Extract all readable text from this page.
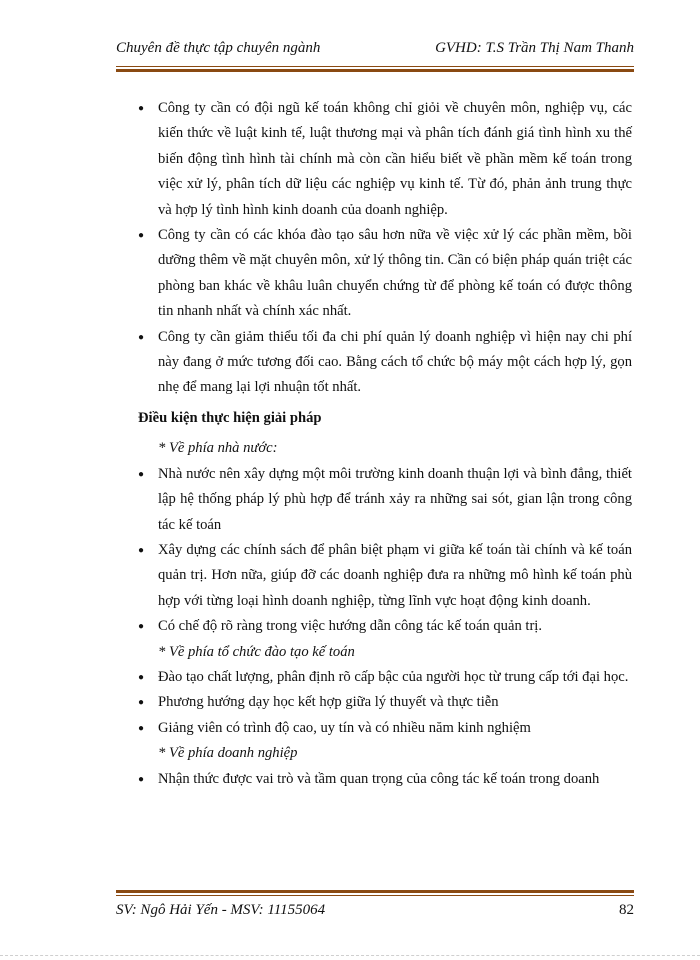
Chuyên đề thực tập chuyên ngành	GVHD: T.S Trần Thị Nam Thanh

● Công ty cần có đội ngũ kế toán không chỉ giỏi về chuyên môn, nghiệp vụ, các kiến thức về luật kinh tế, luật thương mại và phân tích đánh giá tình hình xu thế biến động tình hình tài chính mà còn cần hiểu biết về phần mềm kế toán trong việc xử lý, phân tích dữ liệu các nghiệp vụ kinh tế. Từ đó, phản ảnh trung thực và hợp lý tình hình kinh doanh của doanh nghiệp.

● Công ty cần có các khóa đào tạo sâu hơn nữa về việc xử lý các phần mềm, bồi dưỡng thêm về mặt chuyên môn, xử lý thông tin. Cần có biện pháp quán triệt các phòng ban khác về khâu luân chuyển chứng từ để phòng kế toán có được thông tin nhanh nhất và chính xác nhất.

● Công ty cần giảm thiểu tối đa chi phí quản lý doanh nghiệp vì hiện nay chi phí này đang ở mức tương đối cao. Bằng cách tổ chức bộ máy một cách hợp lý, gọn nhẹ để mang lại lợi nhuận tốt nhất.

Điều kiện thực hiện giải pháp

* Về phía nhà nước:

● Nhà nước nên xây dựng một môi trường kinh doanh thuận lợi và bình đẳng, thiết lập hệ thống pháp lý phù hợp để tránh xảy ra những sai sót, gian lận trong công tác kế toán

● Xây dựng các chính sách để phân biệt phạm vi giữa kế toán tài chính và kế toán quản trị. Hơn nữa, giúp đỡ các doanh nghiệp đưa ra những mô hình kế toán phù hợp với từng loại hình doanh nghiệp, từng lĩnh vực hoạt động kinh doanh.

● Có chế độ rõ ràng trong việc hướng dẫn công tác kế toán quản trị.

* Về phía tổ chức đào tạo kế toán

● Đào tạo chất lượng, phân định rõ cấp bậc của người học từ trung cấp tới đại học.

● Phương hướng dạy học kết hợp giữa lý thuyết và thực tiễn

● Giảng viên có trình độ cao, uy tín và có nhiều năm kinh nghiệm

* Về phía doanh nghiệp

● Nhận thức được vai trò và tầm quan trọng của công tác kế toán trong doanh

SV: Ngô Hải Yến - MSV: 11155064	82
